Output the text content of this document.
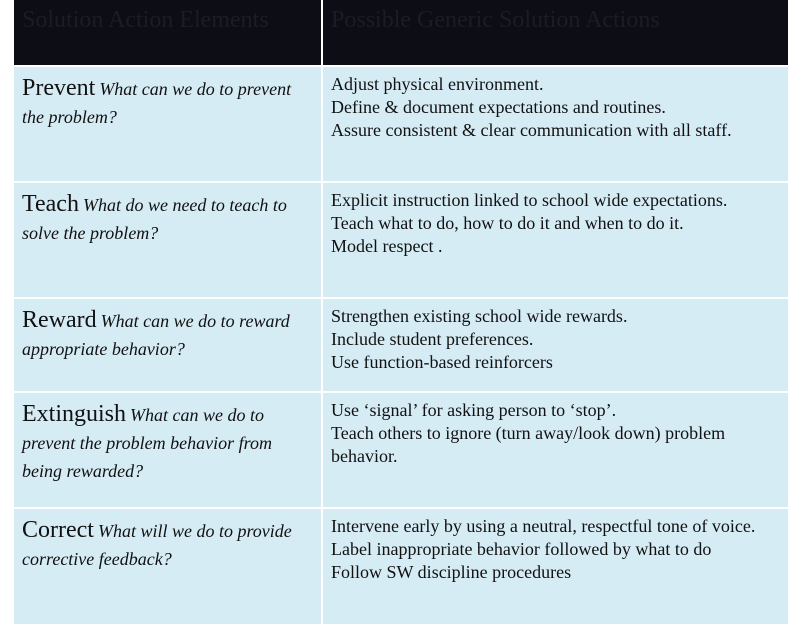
Solution Action Elements	Possible Generic Solution Actions
Prevent What can we do to prevent the problem?
Adjust physical environment.
Define & document expectations and routines.
Assure consistent & clear communication with all staff.
Teach What do we need to teach to solve the problem?
Explicit instruction linked to school wide expectations.
Teach what to do, how to do it and when to do it.
Model respect .
Reward What can we do to reward appropriate behavior?
Strengthen existing school wide rewards.
Include student preferences.
Use function-based reinforcers
Extinguish What can we do to prevent the problem behavior from being rewarded?
Use ‘signal’ for asking person to ‘stop’.
Teach others to ignore (turn away/look down) problem behavior.
Correct What will we do to provide corrective feedback?
Intervene early by using a neutral, respectful tone of voice.
Label inappropriate behavior followed by what to do
Follow SW discipline procedures
